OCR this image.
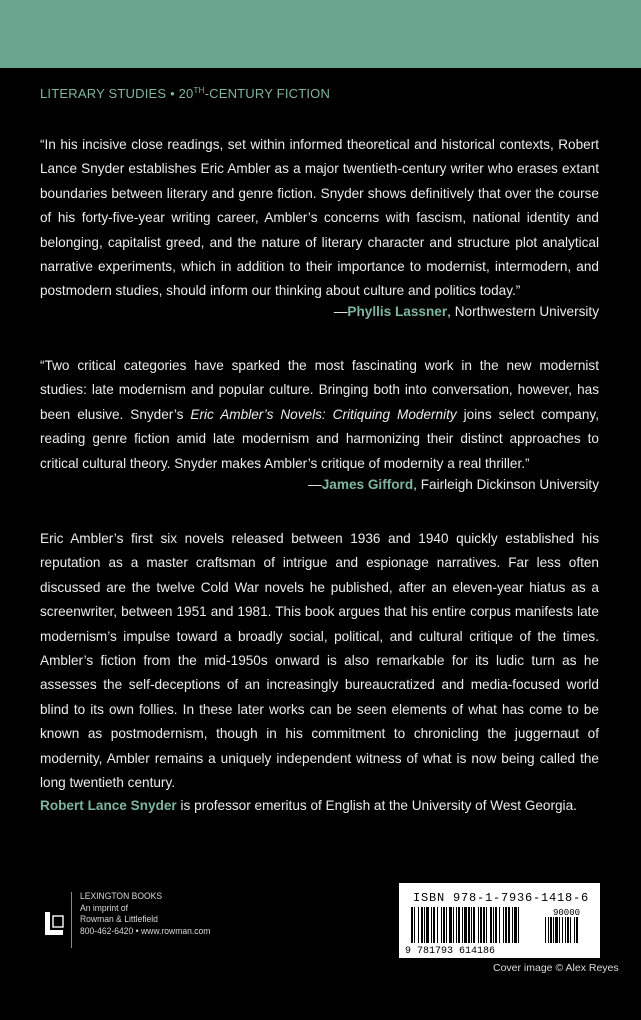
LITERARY STUDIES • 20TH-CENTURY FICTION
“In his incisive close readings, set within informed theoretical and historical contexts, Robert Lance Snyder establishes Eric Ambler as a major twentieth-century writer who erases extant boundaries between literary and genre fiction. Snyder shows definitively that over the course of his forty-five-year writing career, Ambler’s concerns with fascism, national identity and belonging, capitalist greed, and the nature of literary character and structure plot analytical narrative experiments, which in addition to their importance to modernist, intermodern, and postmodern studies, should inform our thinking about culture and politics today.”
—Phyllis Lassner, Northwestern University
“Two critical categories have sparked the most fascinating work in the new modernist studies: late modernism and popular culture. Bringing both into conversation, however, has been elusive. Snyder’s Eric Ambler’s Novels: Critiquing Modernity joins select company, reading genre fiction amid late modernism and harmonizing their distinct approaches to critical cultural theory. Snyder makes Ambler’s critique of modernity a real thriller.”
—James Gifford, Fairleigh Dickinson University
Eric Ambler’s first six novels released between 1936 and 1940 quickly established his reputation as a master craftsman of intrigue and espionage narratives. Far less often discussed are the twelve Cold War novels he published, after an eleven-year hiatus as a screenwriter, between 1951 and 1981. This book argues that his entire corpus manifests late modernism’s impulse toward a broadly social, political, and cultural critique of the times. Ambler’s fiction from the mid-1950s onward is also remarkable for its ludic turn as he assesses the self-deceptions of an increasingly bureaucratized and media-focused world blind to its own follies. In these later works can be seen elements of what has come to be known as postmodernism, though in his commitment to chronicling the juggernaut of modernity, Ambler remains a uniquely independent witness of what is now being called the long twentieth century.
Robert Lance Snyder is professor emeritus of English at the University of West Georgia.
LEXINGTON BOOKS
An imprint of
Rowman & Littlefield
800-462-6420 • www.rowman.com
ISBN 978-1-7936-1418-6
9 781793 614186
90000
Cover image © Alex Reyes
